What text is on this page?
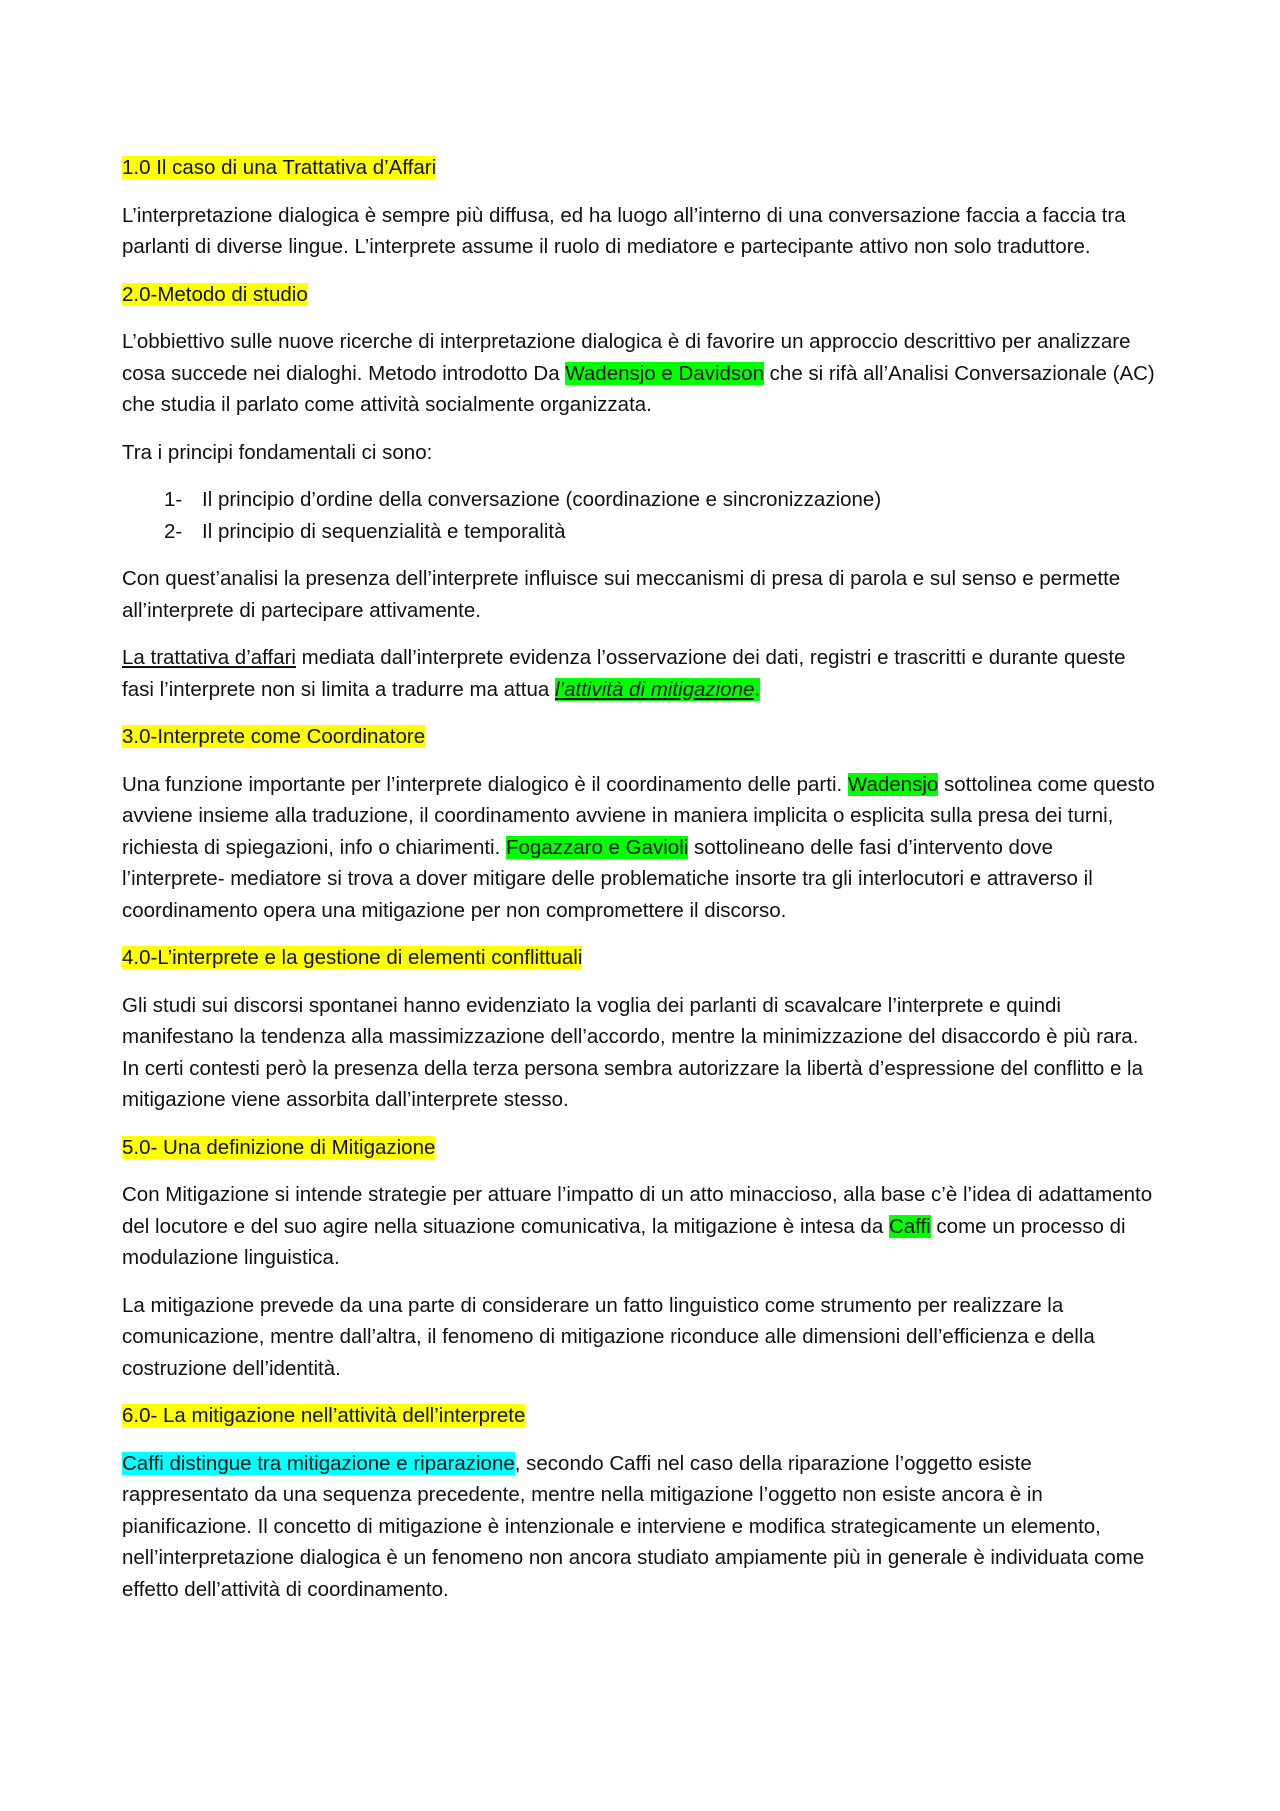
1.0 Il caso di una Trattativa d’Affari

L’interpretazione dialogica è sempre più diffusa, ed ha luogo all’interno di una conversazione faccia a faccia tra parlanti di diverse lingue. L’interprete assume il ruolo di mediatore e partecipante attivo non solo traduttore.

2.0-Metodo di studio

L’obbiettivo sulle nuove ricerche di interpretazione dialogica è di favorire un approccio descrittivo per analizzare cosa succede nei dialoghi. Metodo introdotto Da Wadensjo e Davidson che si rifà all’Analisi Conversazionale (AC) che studia il parlato come attività socialmente organizzata.

Tra i principi fondamentali ci sono:

1- Il principio d’ordine della conversazione (coordinazione e sincronizzazione)
2- Il principio di sequenzialità e temporalità

Con quest’analisi la presenza dell’interprete influisce sui meccanismi di presa di parola e sul senso e permette all’interprete di partecipare attivamente.

La trattativa d’affari mediata dall’interprete evidenza l’osservazione dei dati, registri e trascritti e durante queste fasi l’interprete non si limita a tradurre ma attua l’attività di mitigazione.

3.0-Interprete come Coordinatore

Una funzione importante per l’interprete dialogico è il coordinamento delle parti. Wadensjo sottolinea come questo avviene insieme alla traduzione, il coordinamento avviene in maniera implicita o esplicita sulla presa dei turni, richiesta di spiegazioni, info o chiarimenti. Fogazzaro e Gavioli sottolineano delle fasi d’intervento dove l’interprete- mediatore si trova a dover mitigare delle problematiche insorte tra gli interlocutori e attraverso il coordinamento opera una mitigazione per non compromettere il discorso.

4.0-L’interprete e la gestione di elementi conflittuali

Gli studi sui discorsi spontanei hanno evidenziato la voglia dei parlanti di scavalcare l’interprete e quindi manifestano la tendenza alla massimizzazione dell’accordo, mentre la minimizzazione del disaccordo è più rara. In certi contesti però la presenza della terza persona sembra autorizzare la libertà d’espressione del conflitto e la mitigazione viene assorbita dall’interprete stesso.

5.0- Una definizione di Mitigazione

Con Mitigazione si intende strategie per attuare l’impatto di un atto minaccioso, alla base c’è l’idea di adattamento del locutore e del suo agire nella situazione comunicativa, la mitigazione è intesa da Caffi come un processo di modulazione linguistica.

La mitigazione prevede da una parte di considerare un fatto linguistico come strumento per realizzare la comunicazione, mentre dall’altra, il fenomeno di mitigazione riconduce alle dimensioni dell’efficienza e della costruzione dell’identità.

6.0- La mitigazione nell’attività dell’interprete

Caffi distingue tra mitigazione e riparazione, secondo Caffi nel caso della riparazione l’oggetto esiste rappresentato da una sequenza precedente, mentre nella mitigazione l’oggetto non esiste ancora è in pianificazione. Il concetto di mitigazione è intenzionale e interviene e modifica strategicamente un elemento, nell’interpretazione dialogica è un fenomeno non ancora studiato ampiamente più in generale è individuata come effetto dell’attività di coordinamento.
